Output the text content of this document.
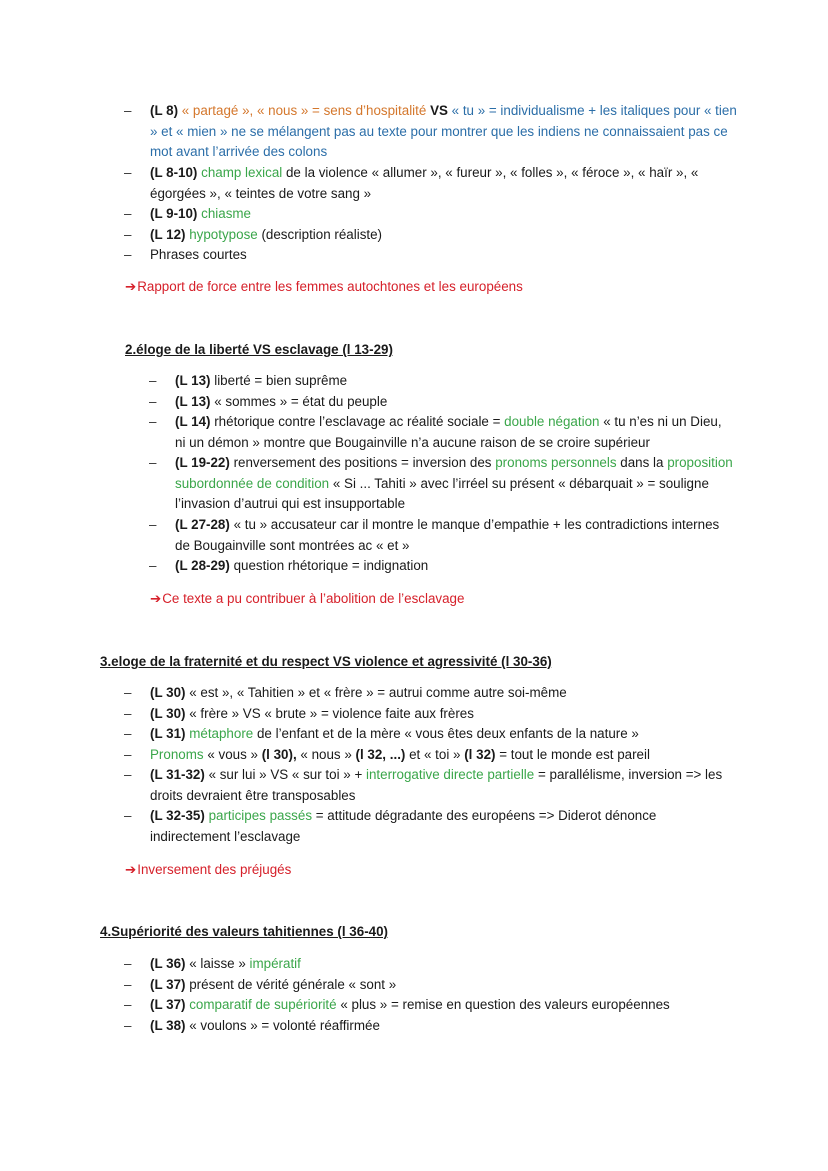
– (L 8) « partagé », « nous » = sens d’hospitalité VS « tu » = individualisme + les italiques pour « tien » et « mien » ne se mélangent pas au texte pour montrer que les indiens ne connaissaient pas ce mot avant l’arrivée des colons
– (L 8-10) champ lexical de la violence « allumer », « fureur », « folles », « féroce », « haïr », « égorgées », « teintes de votre sang »
– (L 9-10) chiasme
– (L 12) hypotypose (description réaliste)
– Phrases courtes
➔Rapport de force entre les femmes autochtones et les européens
2.éloge de la liberté VS esclavage (l 13-29)
– (L 13) liberté = bien suprême
– (L 13) « sommes » = état du peuple
– (L 14) rhétorique contre l’esclavage ac réalité sociale = double négation « tu n’es ni un Dieu, ni un démon » montre que Bougainville n’a aucune raison de se croire supérieur
– (L 19-22) renversement des positions = inversion des pronoms personnels dans la proposition subordonnée de condition « Si ... Tahiti » avec l’irréel su présent « débarquait » = souligne l’invasion d’autrui qui est insupportable
– (L 27-28) « tu » accusateur car il montre le manque d’empathie + les contradictions internes de Bougainville sont montrées ac « et »
– (L 28-29) question rhétorique = indignation
➔Ce texte a pu contribuer à l’abolition de l’esclavage
3.eloge de la fraternité et du respect VS violence et agressivité (l 30-36)
– (L 30) « est », « Tahitien » et « frère » = autrui comme autre soi-même
– (L 30) « frère » VS « brute » = violence faite aux frères
– (L 31) métaphore de l’enfant et de la mère « vous êtes deux enfants de la nature »
– Pronoms « vous » (l 30), « nous » (l 32, ...) et « toi » (l 32) = tout le monde est pareil
– (L 31-32) « sur lui » VS « sur toi » + interrogative directe partielle = parallélisme, inversion => les droits devraient être transposables
– (L 32-35) participes passés = attitude dégradante des européens => Diderot dénonce indirectement l’esclavage
➔Inversement des préjugés
4.Supériorité des valeurs tahitiennes (l 36-40)
– (L 36) « laisse » impératif
– (L 37) présent de vérité générale « sont »
– (L 37) comparatif de supériorité « plus » = remise en question des valeurs européennes
– (L 38) « voulons » = volonté réaffirmée
